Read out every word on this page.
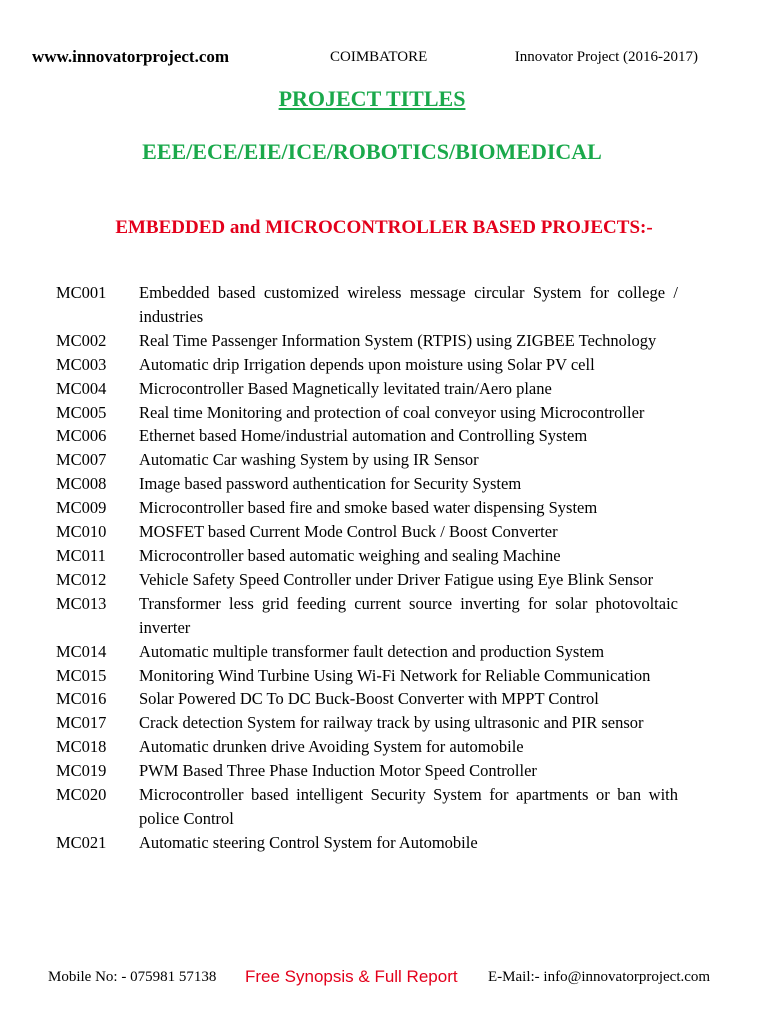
www.innovatorproject.com	COIMBATORE	Innovator Project (2016-2017)
PROJECT TITLES
EEE/ECE/EIE/ICE/ROBOTICS/BIOMEDICAL
EMBEDDED and MICROCONTROLLER BASED PROJECTS:-
MC001	Embedded based customized wireless message circular System for college / industries
MC002	Real Time Passenger Information System (RTPIS) using ZIGBEE Technology
MC003	Automatic drip Irrigation depends upon moisture using Solar PV cell
MC004	Microcontroller Based Magnetically levitated train/Aero plane
MC005	Real time Monitoring and protection of coal conveyor using Microcontroller
MC006	Ethernet based Home/industrial automation and Controlling System
MC007	Automatic Car washing System by using IR Sensor
MC008	Image based password authentication for Security System
MC009	Microcontroller based fire and smoke based water dispensing System
MC010	MOSFET based Current Mode Control Buck / Boost Converter
MC011	Microcontroller based automatic weighing and sealing Machine
MC012	Vehicle Safety Speed Controller under Driver Fatigue using Eye Blink Sensor
MC013	Transformer less grid feeding current source inverting for solar photovoltaic inverter
MC014	Automatic multiple transformer fault detection and production System
MC015	Monitoring Wind Turbine Using Wi-Fi Network for Reliable Communication
MC016	Solar Powered DC To DC Buck-Boost Converter with MPPT Control
MC017	Crack detection System for railway track by using ultrasonic and PIR sensor
MC018	Automatic drunken drive Avoiding System for automobile
MC019	PWM Based Three Phase Induction Motor Speed Controller
MC020	Microcontroller based intelligent Security System for apartments or ban with police Control
MC021	Automatic steering Control System for Automobile
Mobile No: - 075981 57138 Free Synopsis & Full Report E-Mail:- info@innovatorproject.com
